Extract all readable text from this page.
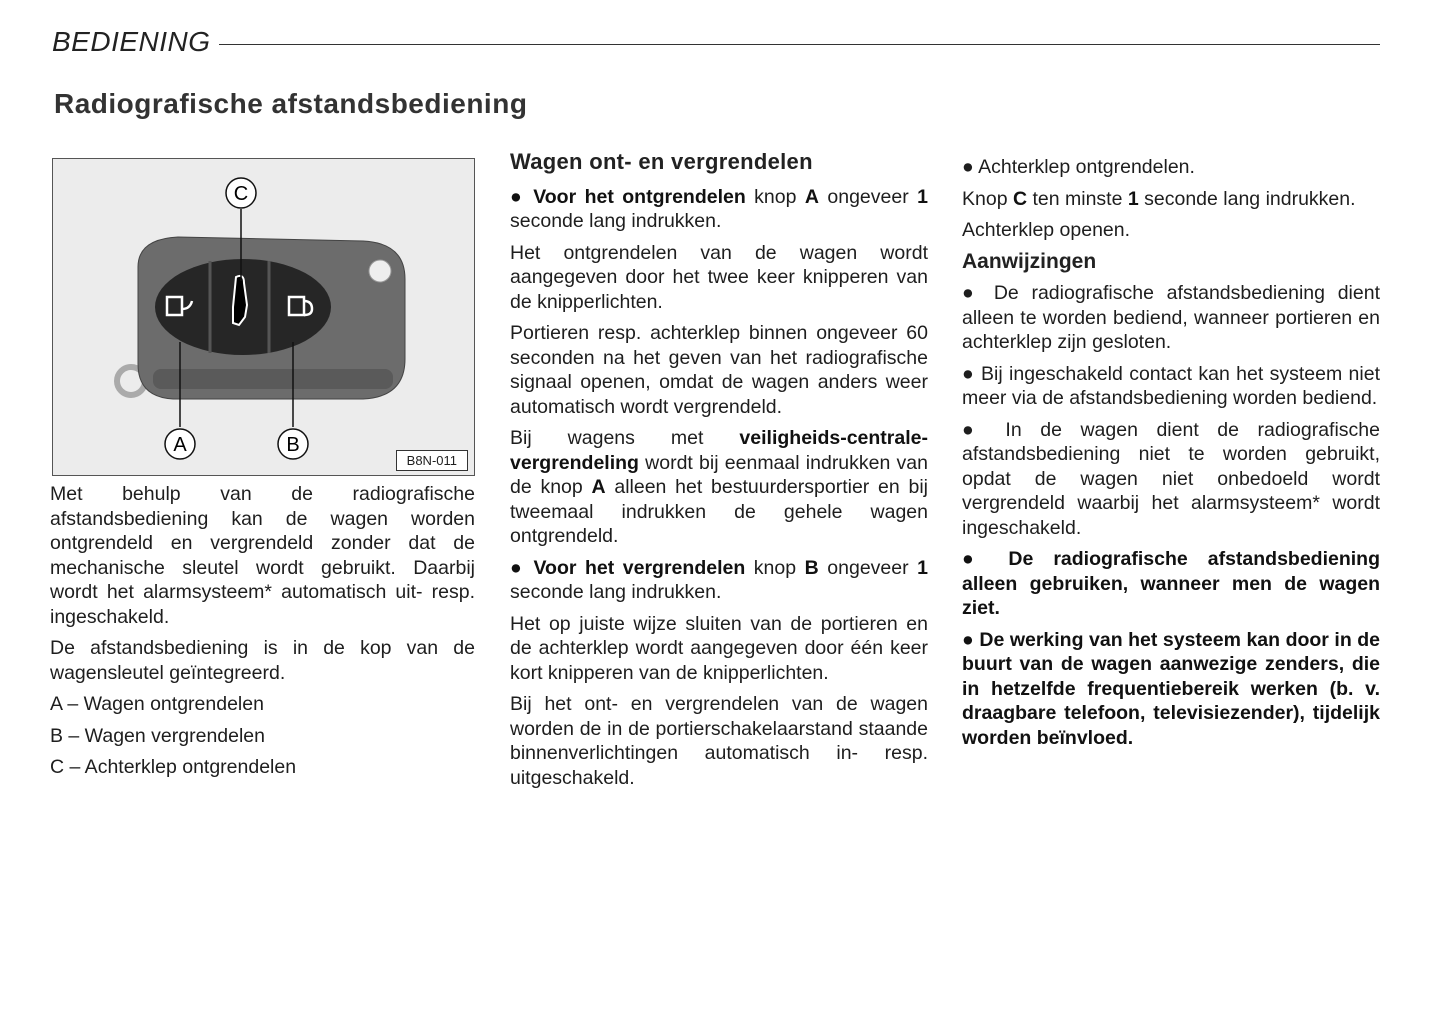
BEDIENING
Radiografische afstandsbediening
C
A	B
B8N-011

Met behulp van de radiografische afstandsbediening kan de wagen worden ontgrendeld en vergrendeld zonder dat de mechanische sleutel wordt gebruikt. Daarbij wordt het alarmsysteem* automatisch uit- resp. ingeschakeld.

De afstandsbediening is in de kop van de wagensleutel geïntegreerd.

A – Wagen ontgrendelen

B – Wagen vergrendelen

C – Achterklep ontgrendelen

Wagen ont- en vergrendelen

● Voor het ontgrendelen knop A ongeveer 1 seconde lang indrukken.

Het ontgrendelen van de wagen wordt aangegeven door het twee keer knipperen van de knipperlichten.

Portieren resp. achterklep binnen ongeveer 60 seconden na het geven van het radiografische signaal openen, omdat de wagen anders weer automatisch wordt vergrendeld.

Bij wagens met veiligheids-centrale-vergrendeling wordt bij eenmaal indrukken van de knop A alleen het bestuurdersportier en bij tweemaal indrukken de gehele wagen ontgrendeld.

● Voor het vergrendelen knop B ongeveer 1 seconde lang indrukken.

Het op juiste wijze sluiten van de portieren en de achterklep wordt aangegeven door één keer kort knipperen van de knipperlichten.

Bij het ont- en vergrendelen van de wagen worden de in de portierschakelaarstand staande binnenverlichtingen automatisch in- resp. uitgeschakeld.

● Achterklep ontgrendelen.

Knop C ten minste 1 seconde lang indrukken.

Achterklep openen.

Aanwijzingen

● De radiografische afstandsbediening dient alleen te worden bediend, wanneer portieren en achterklep zijn gesloten.

● Bij ingeschakeld contact kan het systeem niet meer via de afstandsbediening worden bediend.

● In de wagen dient de radiografische afstandsbediening niet te worden gebruikt, opdat de wagen niet onbedoeld wordt vergrendeld waarbij het alarmsysteem* wordt ingeschakeld.

● De radiografische afstandsbediening alleen gebruiken, wanneer men de wagen ziet.

● De werking van het systeem kan door in de buurt van de wagen aanwezige zenders, die in hetzelfde frequentiebereik werken (b. v. draagbare telefoon, televisiezender), tijdelijk worden beïnvloed.
